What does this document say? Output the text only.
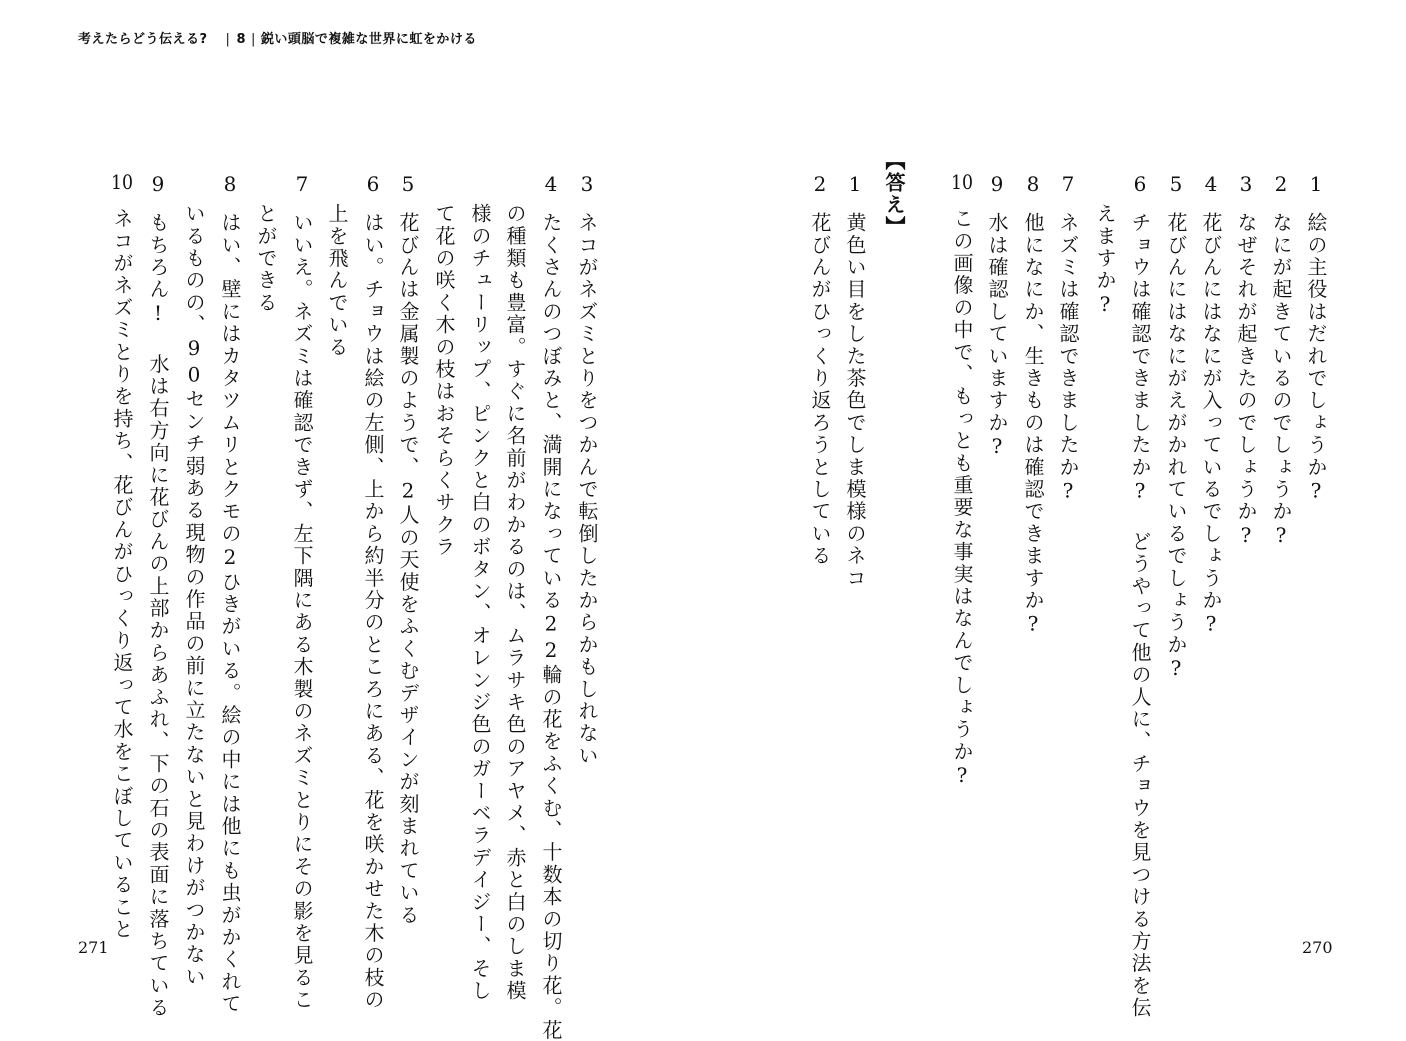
考えたらどう伝える? | 8 | 鋭い頭脳で複雑な世界に虹をかける
1絵の主役はだれでしょうか?
2なにが起きているのでしょうか?
3なぜそれが起きたのでしょうか?
4花びんにはなにが入っているでしょうか?
5花びんにはなにがえがかれているでしょうか?
6チョウは確認できましたか? どうやって他の人に、チョウを見つける方法を伝
えますか?
7ネズミは確認できましたか?
8他になにか、生きものは確認できますか?
9水は確認していますか?
10この画像の中で、もっとも重要な事実はなんでしょうか?
【答え】
1黄色い目をした茶色でしま模様のネコ
2花びんがひっくり返ろうとしている
3ネコがネズミとりをつかんで転倒したからかもしれない
4たくさんのつぼみと、満開になっている22輪の花をふくむ、十数本の切り花。花
の種類も豊富。すぐに名前がわかるのは、ムラサキ色のアヤメ、赤と白のしま模
様のチューリップ、ピンクと白のボタン、オレンジ色のガーベラデイジー、そし
て花の咲く木の枝はおそらくサクラ
5花びんは金属製のようで、2人の天使をふくむデザインが刻まれている
6はい。チョウは絵の左側、上から約半分のところにある、花を咲かせた木の枝の
上を飛んでいる
7いいえ。ネズミは確認できず、左下隅にある木製のネズミとりにその影を見るこ
とができる
8はい、壁にはカタツムリとクモの2ひきがいる。絵の中には他にも虫がかくれて
いるものの、90センチ弱ある現物の作品の前に立たないと見わけがつかない
9もちろん! 水は右方向に花びんの上部からあふれ、下の石の表面に落ちている
10ネコがネズミとりを持ち、花びんがひっくり返って水をこぼしていること
271	270
